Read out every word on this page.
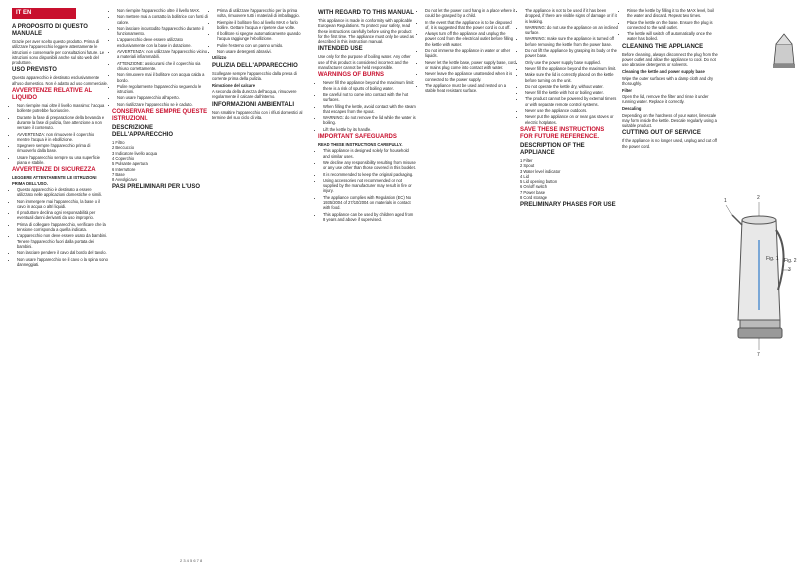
IT EN
A PROPOSITO DI QUESTO MANUALE

Grazie per aver scelto questo prodotto. Prima di utilizzare l'apparecchio leggere attentamente le istruzioni e conservarle per consultazioni future. Le istruzioni sono disponibili anche sul sito web del produttore.

USO PREVISTO

Questo apparecchio è destinato esclusivamente all'uso domestico. Non è adatto ad uso commerciale.

AVVERTENZE RELATIVE AL LIQUIDO
• Non riempire mai oltre il livello massimo: l'acqua bollente potrebbe fuoriuscire.
• Durante la fase di preparazione della bevanda e durante la fase di pulizia, fare attenzione a non versare il contenuto.
• AVVERTENZA: non rimuovere il coperchio mentre l'acqua è in ebollizione.
• Spegnere sempre l'apparecchio prima di rimuoverlo dalla base.
• Usare l'apparecchio sempre su una superficie piana e stabile.
AVVERTENZE DI SICUREZZA
LEGGERE ATTENTAMENTE LE ISTRUZIONI PRIMA DELL'USO.
• Questo apparecchio è destinato a essere utilizzato nelle applicazioni domestiche e simili.
• Non immergere mai l'apparecchio, la base o il cavo in acqua o altri liquidi.
• Il produttore declina ogni responsabilità per eventuali danni derivanti da uso improprio.
• Prima di collegare l'apparecchio, verificare che la tensione corrisponda a quella indicata.
• L'apparecchio non deve essere usato da bambini. Tenere l'apparecchio fuori dalla portata dei bambini.
• Non lasciare pendere il cavo dal bordo del tavolo.
• Non usare l'apparecchio se il cavo o la spina sono danneggiati.
• Non riempire l'apparecchio oltre il livello MAX.
• Non mettere mai a contatto la bollitrice con fonti di calore.
• Non lasciare incustodito l'apparecchio durante il funzionamento.
• L'apparecchio deve essere utilizzato esclusivamente con la base in dotazione.
• AVVERTENZA: non utilizzare l'apparecchio vicino a materiali infiammabili.
• ATTENZIONE: assicurarsi che il coperchio sia chiuso correttamente.
• Non rimuovere mai il bollitore con acqua calda a bordo.
• Pulire regolarmente l'apparecchio seguendo le istruzioni.
• Non usare l'apparecchio all'aperto.
• Non riutilizzare l'apparecchio se è caduto.
CONSERVARE SEMPRE QUESTE ISTRUZIONI.
DESCRIZIONE DELL'APPARECCHIO
1 Filtro
2 Beccuccio
3 Indicatore livello acqua
4 Coperchio
5 Pulsante apertura
6 Interruttore
7 Base
8 Avvolgicavo
PASI PRELIMINARI PER L'USO
• Prima di utilizzare l'apparecchio per la prima volta, rimuovere tutti i materiali di imballaggio.
• Riempire il bollitore fino al livello MAX e farlo bollire. Gettare l'acqua e ripetere due volte.
• Il bollitore si spegne automaticamente quando l'acqua raggiunge l'ebollizione.
• Pulire l'esterno con un panno umido.
• Non usare detergenti abrasivi.
Utilizzo
PULIZIA DELL'APPARECCHIO

Scollegare sempre l'apparecchio dalla presa di corrente prima della pulizia.

Rimozione del calcare

A seconda della durezza dell'acqua, rimuovere regolarmente il calcare dall'interno.

INFORMAZIONI AMBIENTALI

Non smaltire l'apparecchio con i rifiuti domestici al termine del suo ciclo di vita.

WITH REGARD TO THIS MANUAL

This appliance is made in conformity with applicable European Regulations. To protect your safety, read these instructions carefully before using the product for the first time. The appliance must only be used as described in this instruction manual.

INTENDED USE

Use only for the purpose of boiling water. Any other use of this product is considered incorrect and the manufacturer cannot be held responsible.

WARNINGS OF BURNS
• Never fill the appliance beyond the maximum limit: there is a risk of spurts of boiling water.
• Be careful not to come into contact with the hot surfaces.
• When filling the kettle, avoid contact with the steam that escapes from the spout.
• WARNING: do not remove the lid while the water is boiling.
• Lift the kettle by its handle.
IMPORTANT SAFEGUARDS
READ THESE INSTRUCTIONS CAREFULLY.
• This appliance is designed solely for household and similar uses.
• We decline any responsibility resulting from misuse or any use other than those covered in this booklet.
• It is recommended to keep the original packaging.
• Using accessories not recommended or not supplied by the manufacturer may result in fire or injury.
• The appliance complies with Regulation (EC) No 1935/2004 of 27/10/2004 on materials in contact with food.
• This appliance can be used by children aged from 8 years and above if supervised.
• Do not let the power cord hang in a place where it could be grasped by a child.
• In the event that the appliance is to be disposed of, it is suggested that the power cord is cut off.
• Always turn off the appliance and unplug the power cord from the electrical outlet before filling the kettle with water.
• Do not immerse the appliance in water or other liquids.
• Never let the kettle base, power supply base, cord or mains plug come into contact with water.
• Never leave the appliance unattended when it is connected to the power supply.
• The appliance must be used and rested on a stable heat resistant surface.
• The appliance is not to be used if it has been dropped, if there are visible signs of damage or if it is leaking.
• WARNING: do not use the appliance on an inclined surface.
• WARNING: make sure the appliance is turned off before removing the kettle from the power base.
• Do not lift the appliance by grasping its body or the power base.
• Only use the power supply base supplied.
• Never fill the appliance beyond the maximum limit.
• Make sure the lid is correctly placed on the kettle before turning on the unit.
• Do not operate the kettle dry, without water.
• Never fill the kettle with hot or boiling water.
• The product cannot be powered by external timers or with separate remote control systems.
• Never use the appliance outdoors.
• Never put the appliance on or near gas stoves or electric hotplates.
SAVE THESE INSTRUCTIONS FOR FUTURE REFERENCE.
DESCRIPTION OF THE APPLIANCE
1 Filter
2 Spout
3 Water level indicator
4 Lid
5 Lid opening button
6 On/off switch
7 Power base
8 Cord storage
PRELIMINARY PHASES FOR USE
• Rinse the kettle by filling it to the MAX level, boil the water and discard. Repeat two times.
• Place the kettle on the base. Ensure the plug is connected to the wall outlet.
• The kettle will switch off automatically once the water has boiled.
CLEANING THE APPLIANCE

Before cleaning, always disconnect the plug from the power outlet and allow the appliance to cool. Do not use abrasive detergents or solvents.

Cleaning the kettle and power supply base

Wipe the outer surfaces with a damp cloth and dry thoroughly.

Filter

Open the lid, remove the filter and rinse it under running water. Replace it correctly.

Descaling

Depending on the hardness of your water, limescale may form inside the kettle. Descale regularly using a suitable product.

CUTTING OUT OF SERVICE

If the appliance is no longer used, unplug and cut off the power cord.

1	2
3
7
Fig. 1 Fig. 2
2 3 4 5 6 7 8
